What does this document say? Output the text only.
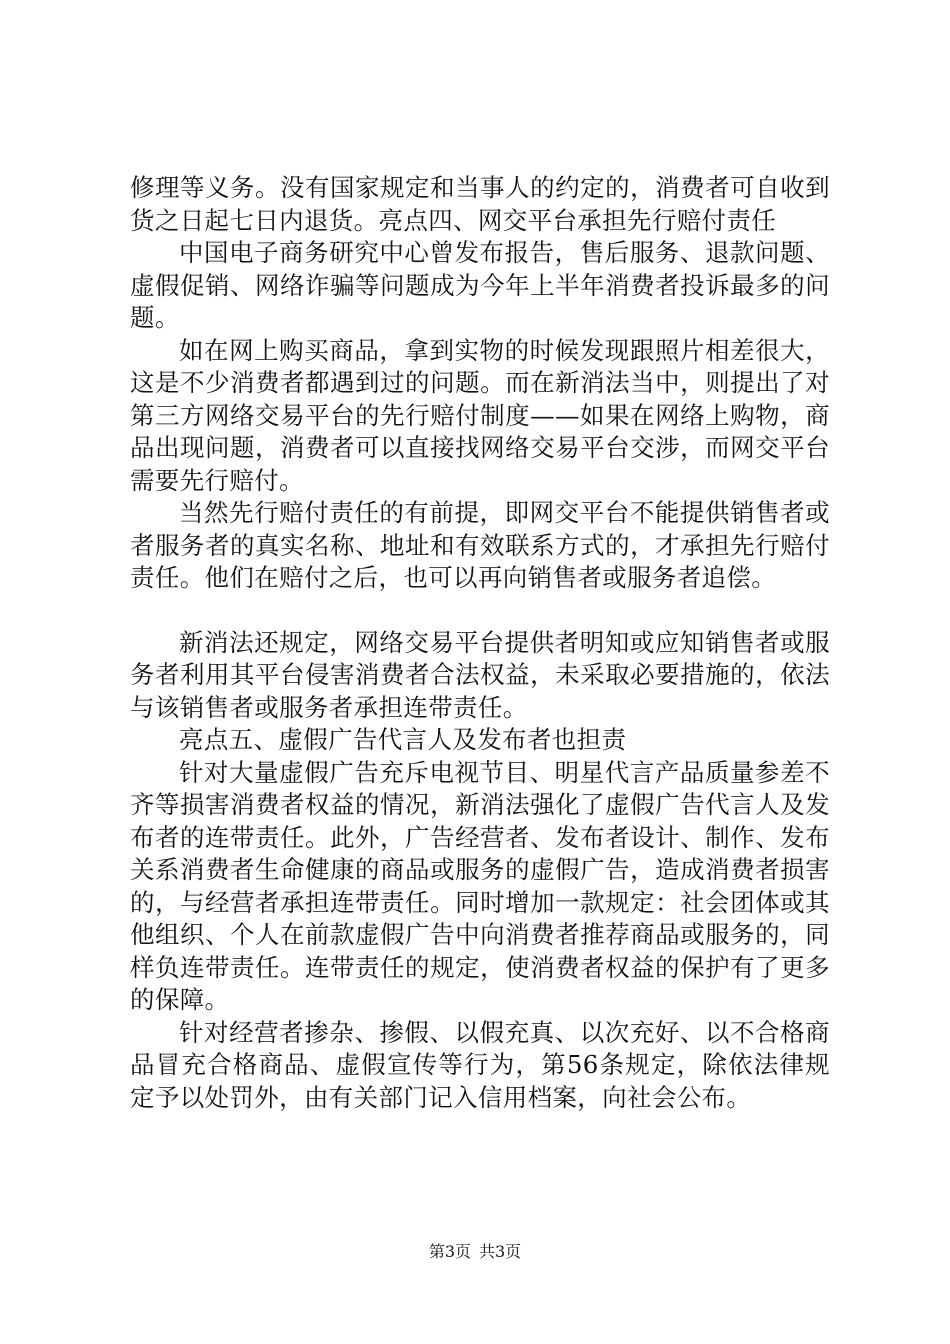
修理等义务。没有国家规定和当事人的约定的，消费者可自收到货之日起七日内退货。亮点四、网交平台承担先行赔付责任

中国电子商务研究中心曾发布报告，售后服务、退款问题、虚假促销、网络诈骗等问题成为今年上半年消费者投诉最多的问题。

如在网上购买商品，拿到实物的时候发现跟照片相差很大，这是不少消费者都遇到过的问题。而在新消法当中，则提出了对第三方网络交易平台的先行赔付制度——如果在网络上购物，商品出现问题，消费者可以直接找网络交易平台交涉，而网交平台需要先行赔付。

当然先行赔付责任的有前提，即网交平台不能提供销售者或者服务者的真实名称、地址和有效联系方式的，才承担先行赔付责任。他们在赔付之后，也可以再向销售者或服务者追偿。

新消法还规定，网络交易平台提供者明知或应知销售者或服务者利用其平台侵害消费者合法权益，未采取必要措施的，依法与该销售者或服务者承担连带责任。

亮点五、虚假广告代言人及发布者也担责

针对大量虚假广告充斥电视节目、明星代言产品质量参差不齐等损害消费者权益的情况，新消法强化了虚假广告代言人及发布者的连带责任。此外，广告经营者、发布者设计、制作、发布关系消费者生命健康的商品或服务的虚假广告，造成消费者损害的，与经营者承担连带责任。同时增加一款规定：社会团体或其他组织、个人在前款虚假广告中向消费者推荐商品或服务的，同样负连带责任。连带责任的规定，使消费者权益的保护有了更多的保障。

针对经营者掺杂、掺假、以假充真、以次充好、以不合格商品冒充合格商品、虚假宣传等行为，第56条规定，除依法律规定予以处罚外，由有关部门记入信用档案，向社会公布。

第3页 共3页
